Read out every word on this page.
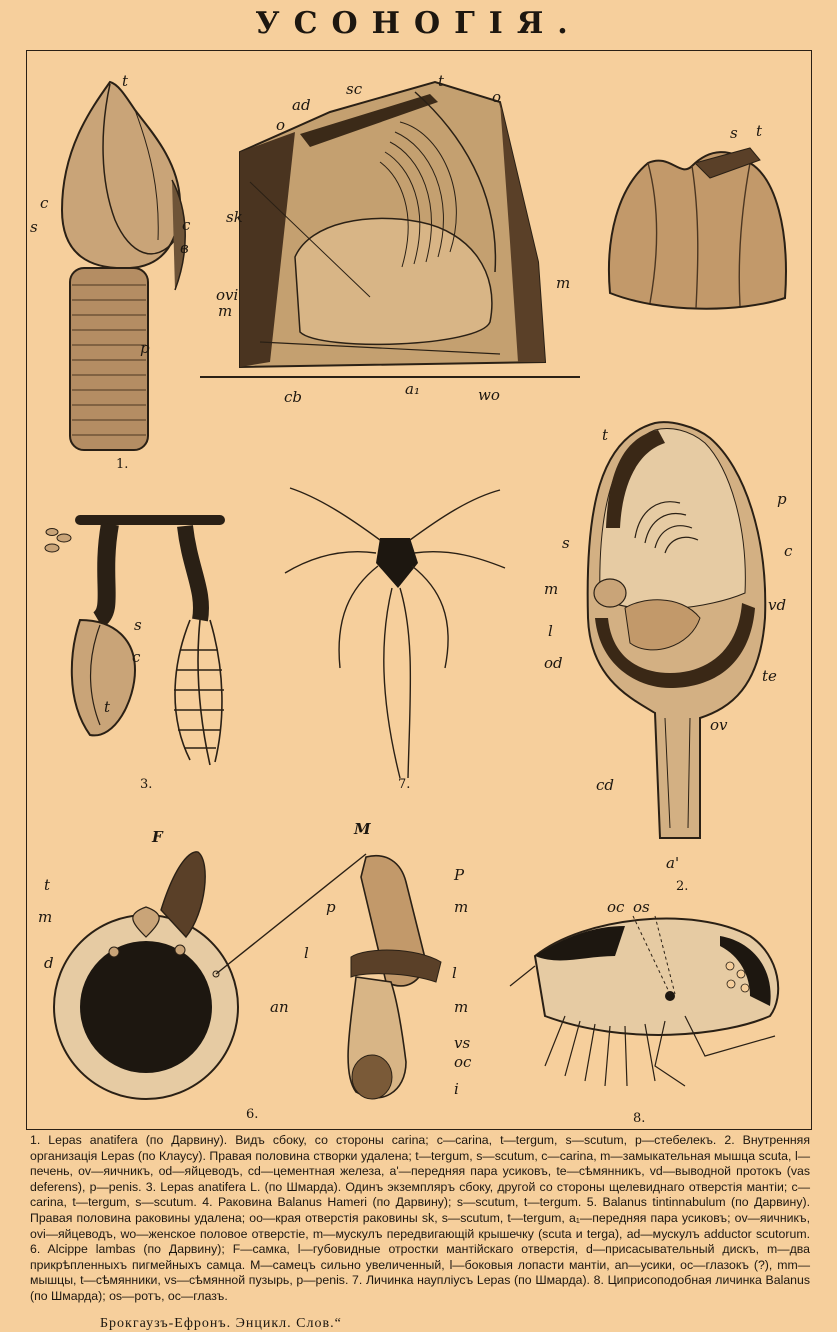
УСОНОГІЯ.
t
c
s	c
в
p
1.
ad
sc	t
o
o
sk
ovi
m
cb	a₁	wo
m
s t
s
c
t
3.	7.
t
p
s	c
m
vd
l
od
te
ov
cd
a'
2.
F	M
t
m
d
p
P
m
l
l
an	m
vs
oc
i
6.
oc os
8.

1. Lepas anatifera (по Дарвину). Видъ сбоку, со стороны carina; c—carina, t—tergum, s—scutum, p—стебелекъ. 2. Внутренняя организація Lepas (по Клаусу). Правая половина створки удалена; t—tergum, s—scutum, c—carina, m—замыкательная мышца scuta, l—печень, ov—яичникъ, od—яйцеводъ, cd—цементная железа, a'—передняя пара усиковъ, te—сѣмянникъ, vd—выводной протокъ (vas deferens), p—penis. 3. Lepas anatifera L. (по Шмарда). Одинъ экземпляръ сбоку, другой со стороны щелевиднаго отверстія мантіи; c—carina, t—tergum, s—scutum. 4. Раковина Balanus Hameri (по Дарвину); s—scutum, t—tergum. 5. Balanus tintinnabulum (по Дарвину). Правая половина раковины удалена; oo—края отверстія раковины sk, s—scutum, t—tergum, a₁—передняя пара усиковъ; ov—яичникъ, ovi—яйцеводъ, wo—женское половое отверстіе, m—мускулъ передвигающій крышечку (scuta и terga), ad—мускулъ adductor scutorum. 6. Alcippe lambas (по Дарвину); F—самка, l—губовидные отростки мантійскаго отверстія, d—присасывательный дискъ, m—два прикрѣпленныхъ пигмейныхъ самца. M—самецъ сильно увеличенный, l—боковыя лопасти мантіи, an—усики, oc—глазокъ (?), mm—мышцы, t—сѣмянники, vs—сѣмянной пузырь, p—penis. 7. Личинка наупліусъ Lepas (по Шмарда). 8. Циприсоподобная личинка Balanus (по Шмарда); os—ротъ, oc—глазъ.

Брокгаузъ-Ефронъ. Энцикл. Слов.“
